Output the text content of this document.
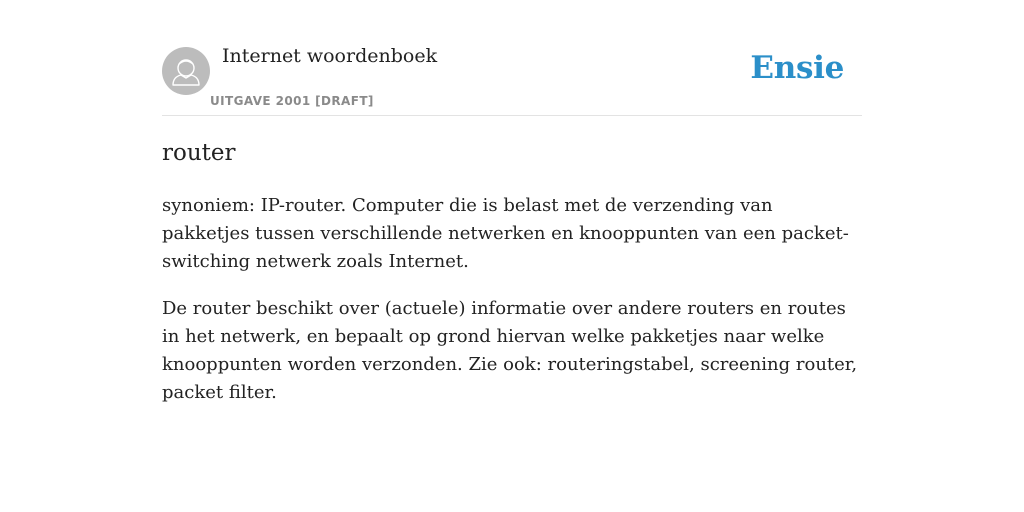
Internet woordenboek
UITGAVE 2001 [DRAFT]
Ensie
router

synoniem: IP-router. Computer die is belast met de verzending van pakketjes tussen verschillende netwerken en knooppunten van een packet-switching netwerk zoals Internet.

De router beschikt over (actuele) informatie over andere routers en routes in het netwerk, en bepaalt op grond hiervan welke pakketjes naar welke knooppunten worden verzonden. Zie ook: routeringstabel, screening router, packet filter.
